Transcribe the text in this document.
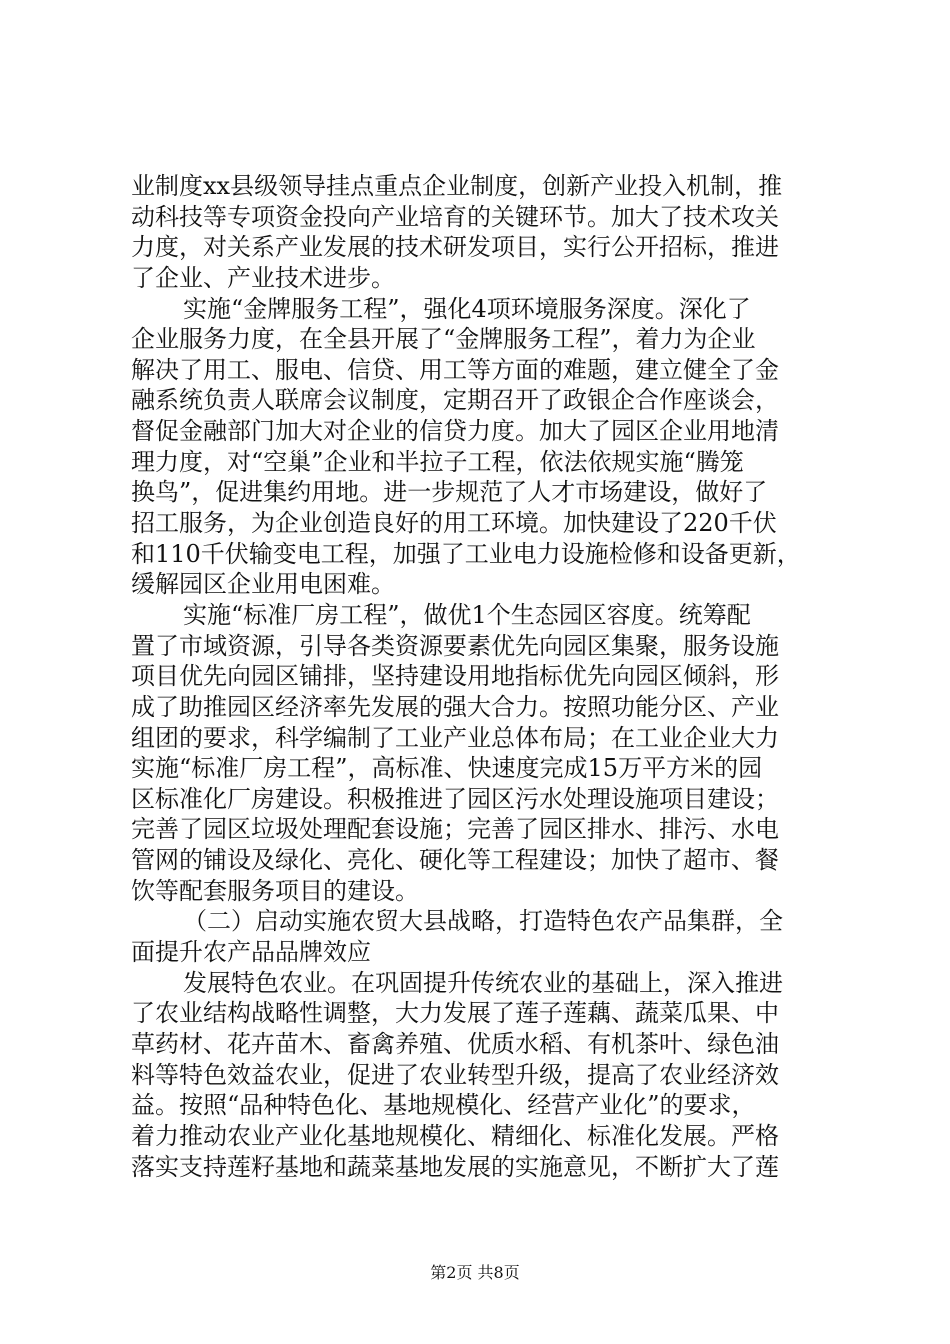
业制度xx县级领导挂点重点企业制度，创新产业投入机制，推
动科技等专项资金投向产业培育的关键环节。加大了技术攻关
力度，对关系产业发展的技术研发项目，实行公开招标，推进
了企业、产业技术进步。
实施“金牌服务工程”，强化4项环境服务深度。深化了
企业服务力度，在全县开展了“金牌服务工程”，着力为企业
解决了用工、服电、信贷、用工等方面的难题，建立健全了金
融系统负责人联席会议制度，定期召开了政银企合作座谈会，
督促金融部门加大对企业的信贷力度。加大了园区企业用地清
理力度，对“空巢”企业和半拉子工程，依法依规实施“腾笼
换鸟”，促进集约用地。进一步规范了人才市场建设，做好了
招工服务，为企业创造良好的用工环境。加快建设了220千伏
和110千伏输变电工程，加强了工业电力设施检修和设备更新，
缓解园区企业用电困难。
实施“标准厂房工程”，做优1个生态园区容度。统筹配
置了市域资源，引导各类资源要素优先向园区集聚，服务设施
项目优先向园区铺排，坚持建设用地指标优先向园区倾斜，形
成了助推园区经济率先发展的强大合力。按照功能分区、产业
组团的要求，科学编制了工业产业总体布局；在工业企业大力
实施“标准厂房工程”，高标准、快速度完成15万平方米的园
区标准化厂房建设。积极推进了园区污水处理设施项目建设；
完善了园区垃圾处理配套设施；完善了园区排水、排污、水电
管网的铺设及绿化、亮化、硬化等工程建设；加快了超市、餐
饮等配套服务项目的建设。
（二）启动实施农贸大县战略，打造特色农产品集群，全
面提升农产品品牌效应
发展特色农业。在巩固提升传统农业的基础上，深入推进
了农业结构战略性调整，大力发展了莲子莲藕、蔬菜瓜果、中
草药材、花卉苗木、畜禽养殖、优质水稻、有机茶叶、绿色油
料等特色效益农业，促进了农业转型升级，提高了农业经济效
益。按照“品种特色化、基地规模化、经营产业化”的要求，
着力推动农业产业化基地规模化、精细化、标准化发展。严格
落实支持莲籽基地和蔬菜基地发展的实施意见，不断扩大了莲
第2页 共8页
